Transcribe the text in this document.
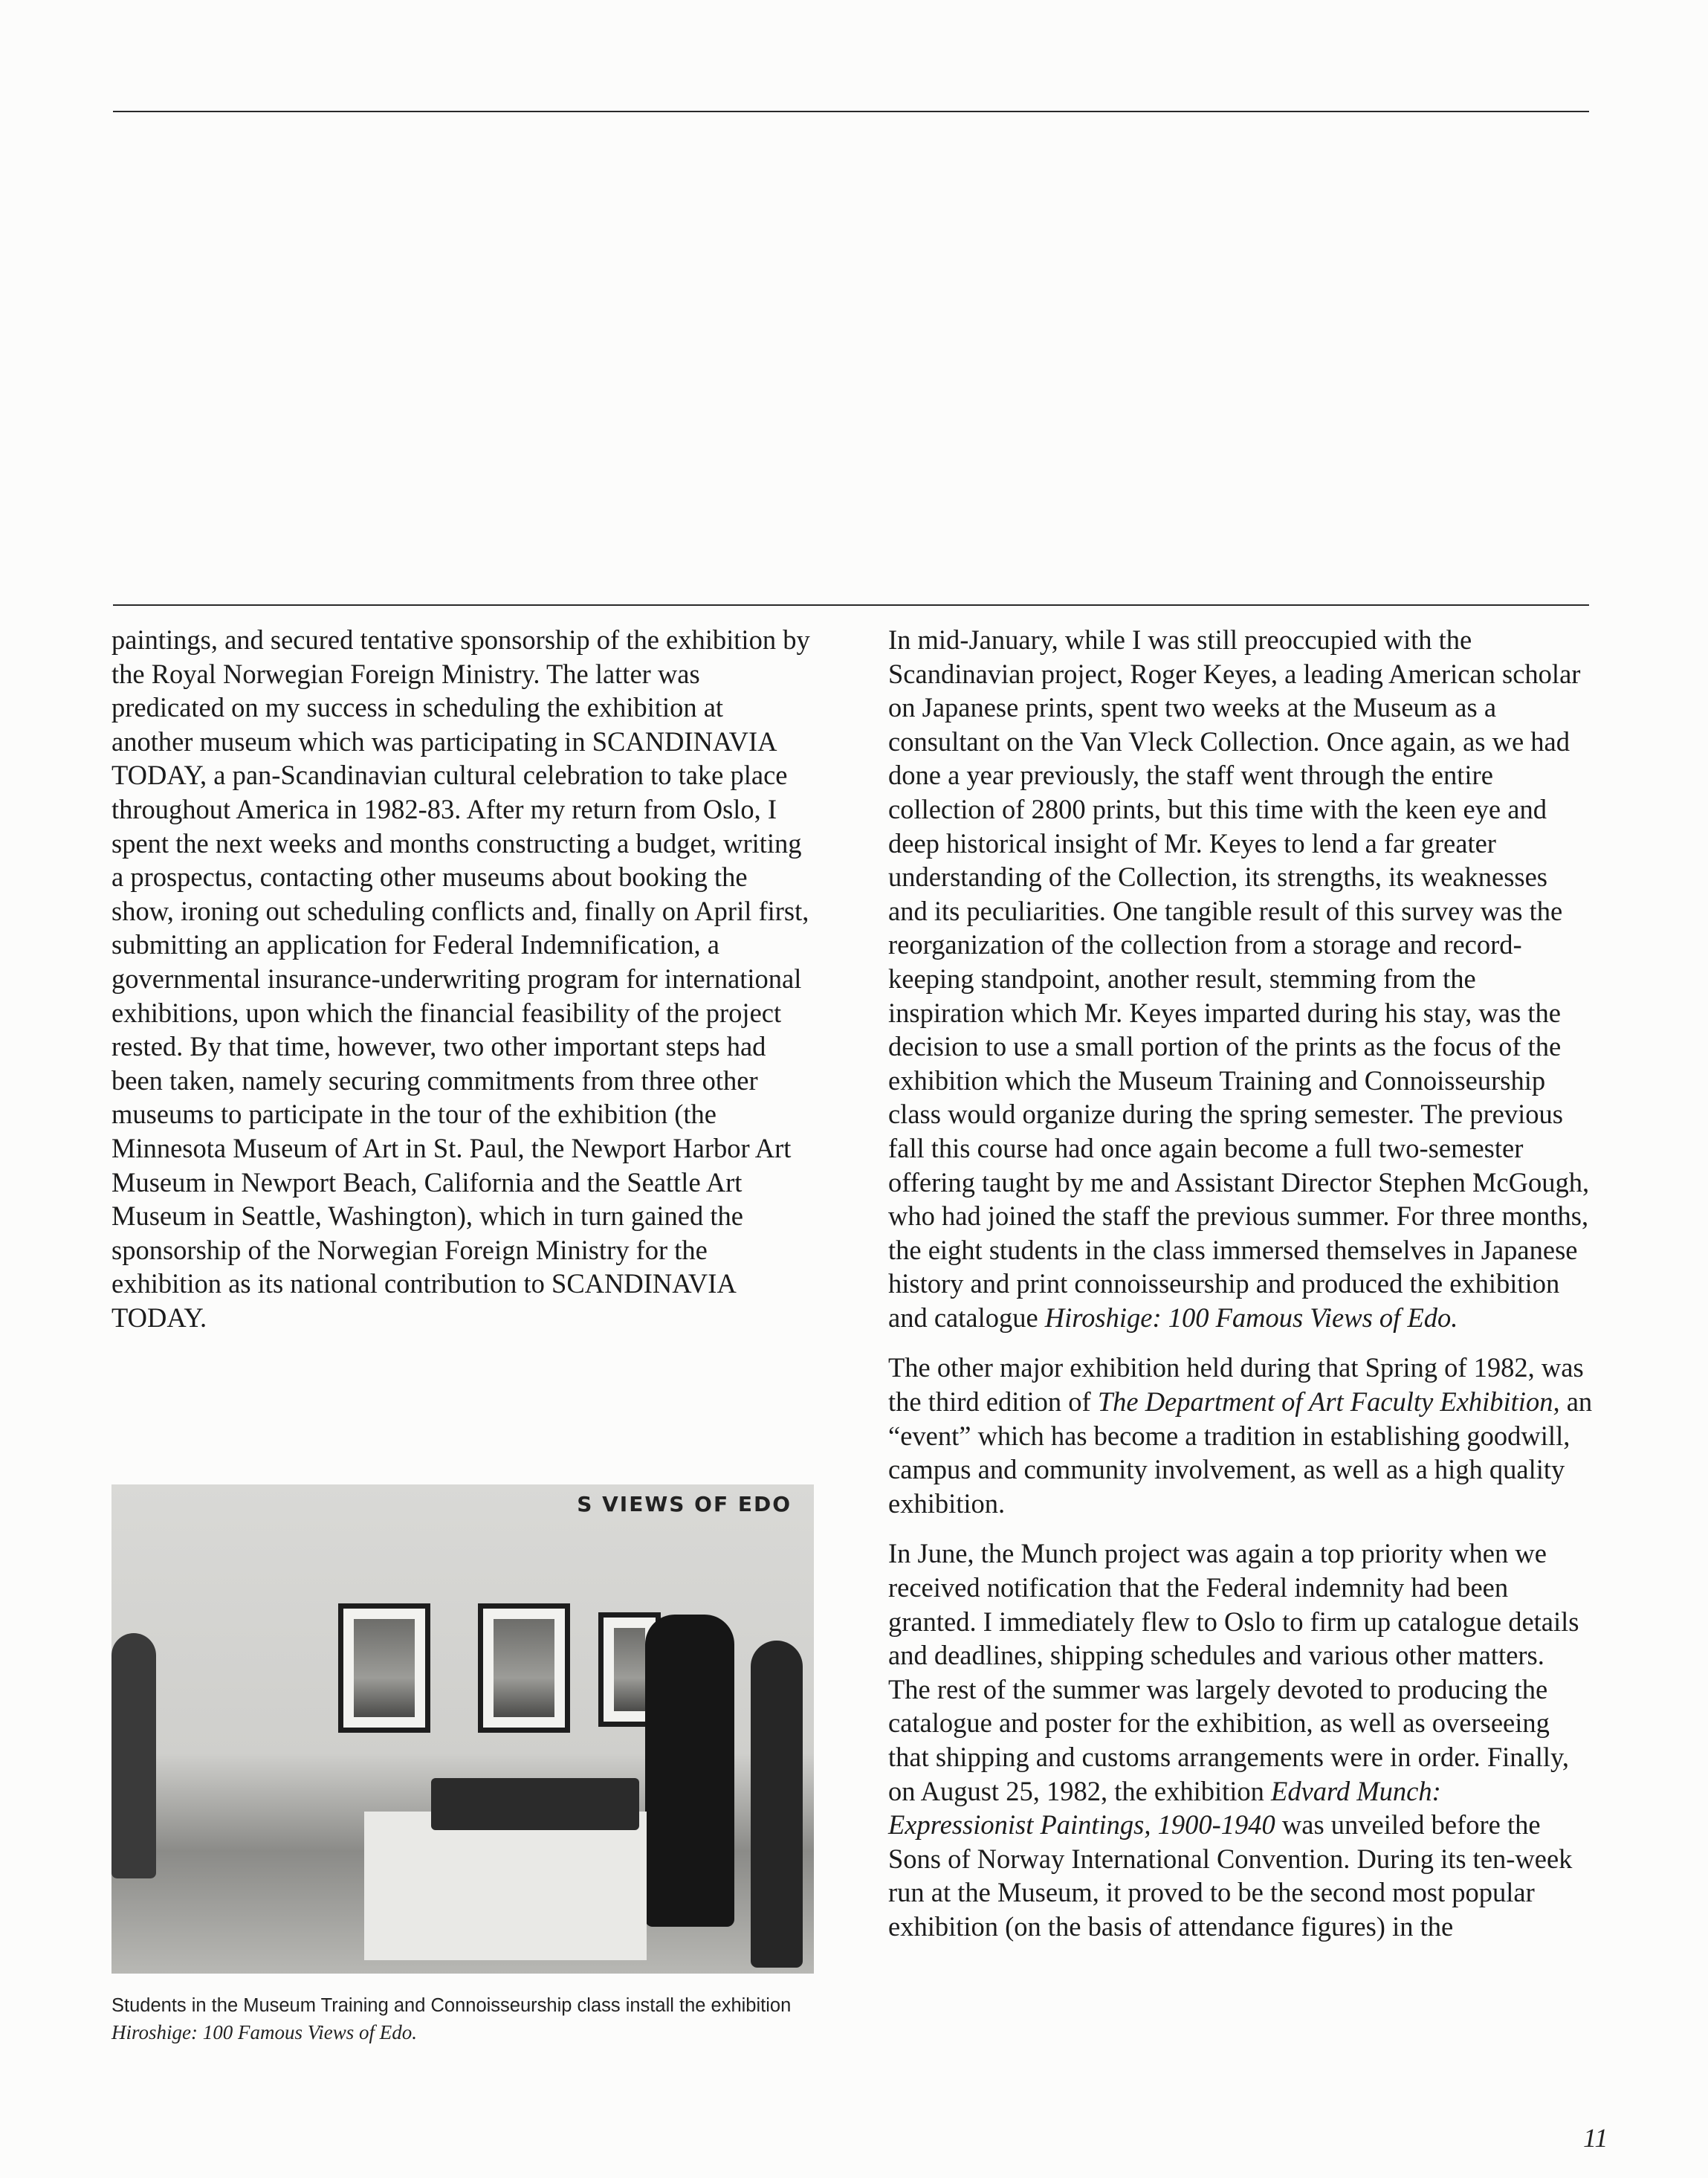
paintings, and secured tentative sponsorship of the exhibition by the Royal Norwegian Foreign Ministry. The latter was predicated on my success in scheduling the exhibition at another museum which was participating in SCANDINAVIA TODAY, a pan-Scandinavian cultural celebration to take place throughout America in 1982-83. After my return from Oslo, I spent the next weeks and months constructing a budget, writing a prospectus, contacting other museums about booking the show, ironing out scheduling conflicts and, finally on April first, submitting an application for Federal Indemnification, a governmental insurance-underwriting program for international exhibitions, upon which the financial feasibility of the project rested. By that time, however, two other important steps had been taken, namely securing commitments from three other museums to participate in the tour of the exhibition (the Minnesota Museum of Art in St. Paul, the Newport Harbor Art Museum in Newport Beach, California and the Seattle Art Museum in Seattle, Washington), which in turn gained the sponsorship of the Norwegian Foreign Ministry for the exhibition as its national contribution to SCANDINAVIA TODAY.

S VIEWS OF EDO
Students in the Museum Training and Connoisseurship class install the exhibition Hiroshige: 100 Famous Views of Edo.

In mid-January, while I was still preoccupied with the Scandinavian project, Roger Keyes, a leading American scholar on Japanese prints, spent two weeks at the Museum as a consultant on the Van Vleck Collection. Once again, as we had done a year previously, the staff went through the entire collection of 2800 prints, but this time with the keen eye and deep historical insight of Mr. Keyes to lend a far greater understanding of the Collection, its strengths, its weaknesses and its peculiarities. One tangible result of this survey was the reorganization of the collection from a storage and record-keeping standpoint, another result, stemming from the inspiration which Mr. Keyes imparted during his stay, was the decision to use a small portion of the prints as the focus of the exhibition which the Museum Training and Connoisseurship class would organize during the spring semester. The previous fall this course had once again become a full two-semester offering taught by me and Assistant Director Stephen McGough, who had joined the staff the previous summer. For three months, the eight students in the class immersed themselves in Japanese history and print connoisseurship and produced the exhibition and catalogue Hiroshige: 100 Famous Views of Edo.

The other major exhibition held during that Spring of 1982, was the third edition of The Department of Art Faculty Exhibition, an “event” which has become a tradition in establishing goodwill, campus and community involvement, as well as a high quality exhibition.

In June, the Munch project was again a top priority when we received notification that the Federal indemnity had been granted. I immediately flew to Oslo to firm up catalogue details and deadlines, shipping schedules and various other matters. The rest of the summer was largely devoted to producing the catalogue and poster for the exhibition, as well as overseeing that shipping and customs arrangements were in order. Finally, on August 25, 1982, the exhibition Edvard Munch: Expressionist Paintings, 1900-1940 was unveiled before the Sons of Norway International Convention. During its ten-week run at the Museum, it proved to be the second most popular exhibition (on the basis of attendance figures) in the

11
